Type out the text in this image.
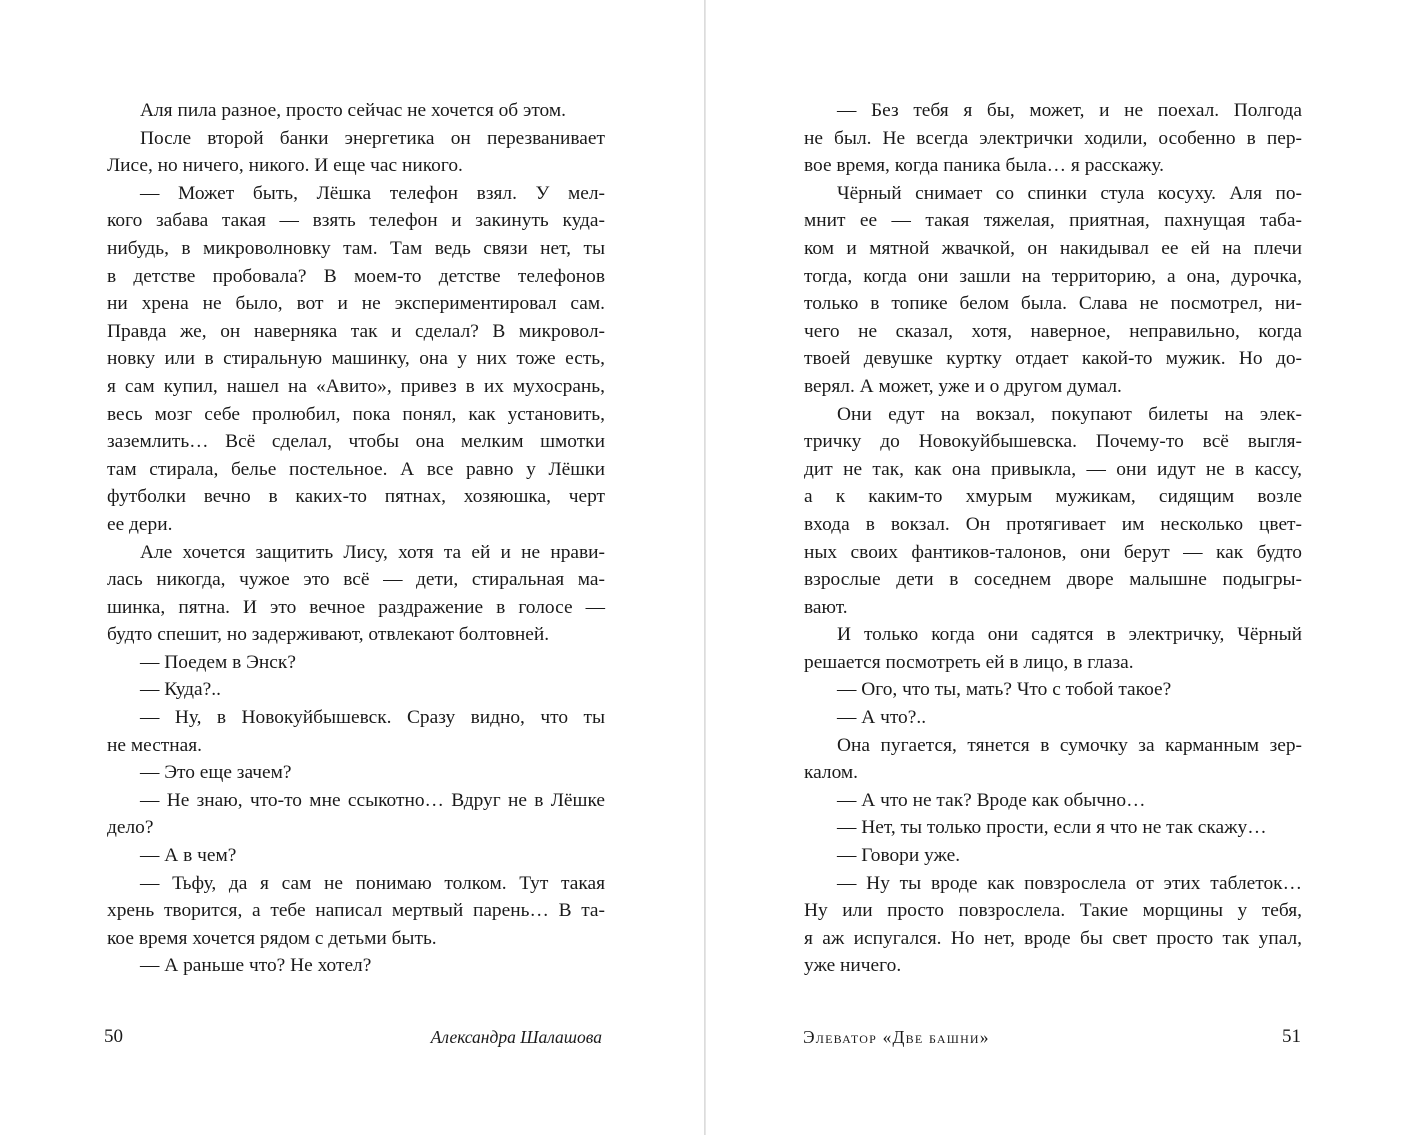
Аля пила разное, просто сейчас не хочется об этом.
После второй банки энергетика он перезванивает
Лисе, но ничего, никого. И еще час никого.
— Может быть, Лёшка телефон взял. У мел-
кого забава такая — взять телефон и закинуть куда-
нибудь, в микроволновку там. Там ведь связи нет, ты
в детстве пробовала? В моем-то детстве телефонов
ни хрена не было, вот и не экспериментировал сам.
Правда же, он наверняка так и сделал? В микровол-
новку или в стиральную машинку, она у них тоже есть,
я сам купил, нашел на «Авито», привез в их мухосрань,
весь мозг себе пролюбил, пока понял, как установить,
заземлить… Всё сделал, чтобы она мелким шмотки
там стирала, белье постельное. А все равно у Лёшки
футболки вечно в каких-то пятнах, хозяюшка, черт
ее дери.
Але хочется защитить Лису, хотя та ей и не нрави-
лась никогда, чужое это всё — дети, стиральная ма-
шинка, пятна. И это вечное раздражение в голосе —
будто спешит, но задерживают, отвлекают болтовней.
— Поедем в Энск?
— Куда?..
— Ну, в Новокуйбышевск. Сразу видно, что ты
не местная.
— Это еще зачем?
— Не знаю, что-то мне ссыкотно… Вдруг не в Лёшке
дело?
— А в чем?
— Тьфу, да я сам не понимаю толком. Тут такая
хрень творится, а тебе написал мертвый парень… В та-
кое время хочется рядом с детьми быть.
— А раньше что? Не хотел?
50	Александра Шалашова
— Без тебя я бы, может, и не поехал. Полгода
не был. Не всегда электрички ходили, особенно в пер-
вое время, когда паника была… я расскажу.
Чёрный снимает со спинки стула косуху. Аля по-
мнит ее — такая тяжелая, приятная, пахнущая таба-
ком и мятной жвачкой, он накидывал ее ей на плечи
тогда, когда они зашли на территорию, а она, дурочка,
только в топике белом была. Слава не посмотрел, ни-
чего не сказал, хотя, наверное, неправильно, когда
твоей девушке куртку отдает какой-то мужик. Но до-
верял. А может, уже и о другом думал.
Они едут на вокзал, покупают билеты на элек-
тричку до Новокуйбышевска. Почему-то всё выгля-
дит не так, как она привыкла, — они идут не в кассу,
а к каким-то хмурым мужикам, сидящим возле
входа в вокзал. Он протягивает им несколько цвет-
ных своих фантиков-талонов, они берут — как будто
взрослые дети в соседнем дворе малышне подыгры-
вают.
И только когда они садятся в электричку, Чёрный
решается посмотреть ей в лицо, в глаза.
— Ого, что ты, мать? Что с тобой такое?
— А что?..
Она пугается, тянется в сумочку за карманным зер-
калом.
— А что не так? Вроде как обычно…
— Нет, ты только прости, если я что не так скажу…
— Говори уже.
— Ну ты вроде как повзрослела от этих таблеток…
Ну или просто повзрослела. Такие морщины у тебя,
я аж испугался. Но нет, вроде бы свет просто так упал,
уже ничего.
Элеватор «Две башни»	51
